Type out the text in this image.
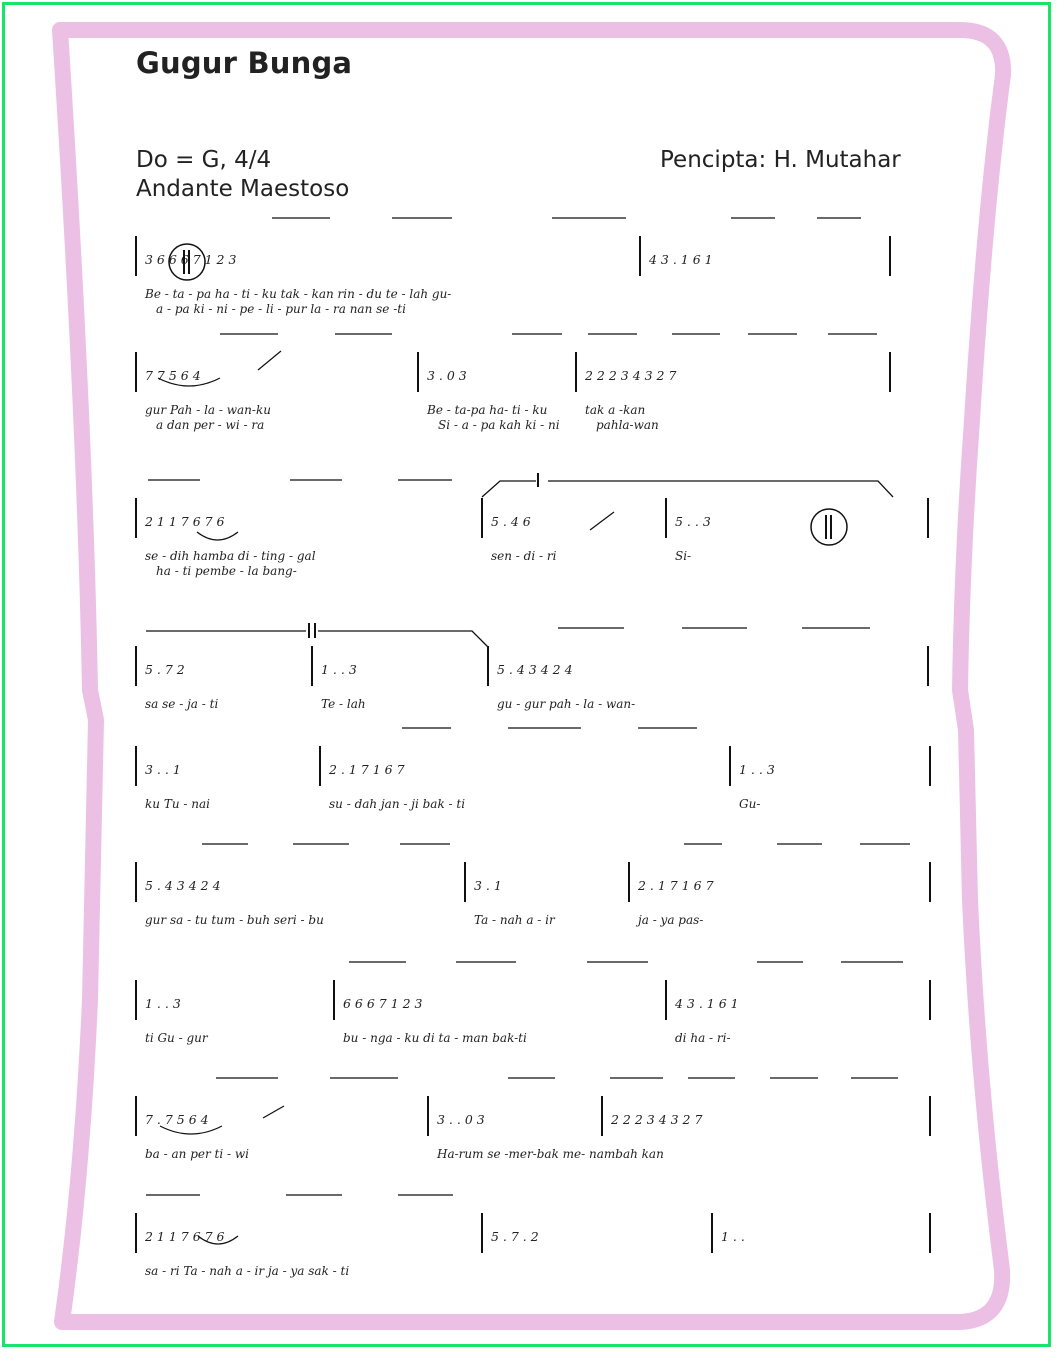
Gugur Bunga
Do = G, 4/4
Andante Maestoso
Pencipta: H. Mutahar
3 6 6 6 7 1 2 3
Be - ta - pa ha - ti - ku tak - kan rin - du te - lah gu-
a - pa ki - ni - pe - li - pur la - ra nan se -ti
4 3 . 1 6 1
7 7 5 6 4
gur Pah - la - wan-ku
a dan per - wi - ra
3 . 0 3
Be - ta-pa ha- ti - ku
Si - a - pa kah ki - ni
2 2 2 3 4 3 2 7
tak a -kan
pahla-wan
2 1 1 7 6 7 6
se - dih hamba di - ting - gal
ha - ti pembe - la bang-
5 . 4 6
sen - di - ri
5 . . 3
Si-
5 . 7 2
sa se - ja - ti
1 . . 3
Te - lah
5 . 4 3 4 2 4
gu - gur pah - la - wan-
3 . . 1
ku Tu - nai
2 . 1 7 1 6 7
su - dah jan - ji bak - ti
1 . . 3
Gu-
5 . 4 3 4 2 4
gur sa - tu tum - buh seri - bu
3 . 1
Ta - nah a - ir
2 . 1 7 1 6 7
ja - ya pas-
1 . . 3
ti Gu - gur
6 6 6 7 1 2 3
bu - nga - ku di ta - man bak-ti
4 3 . 1 6 1
di ha - ri-
7 . 7 5 6 4
ba - an per ti - wi
3 . . 0 3
Ha-rum se -mer-bak me- nambah kan
2 2 2 3 4 3 2 7
2 1 1 7 6 7 6
sa - ri Ta - nah a - ir ja - ya sak - ti
5 . 7 . 2	1 . .
